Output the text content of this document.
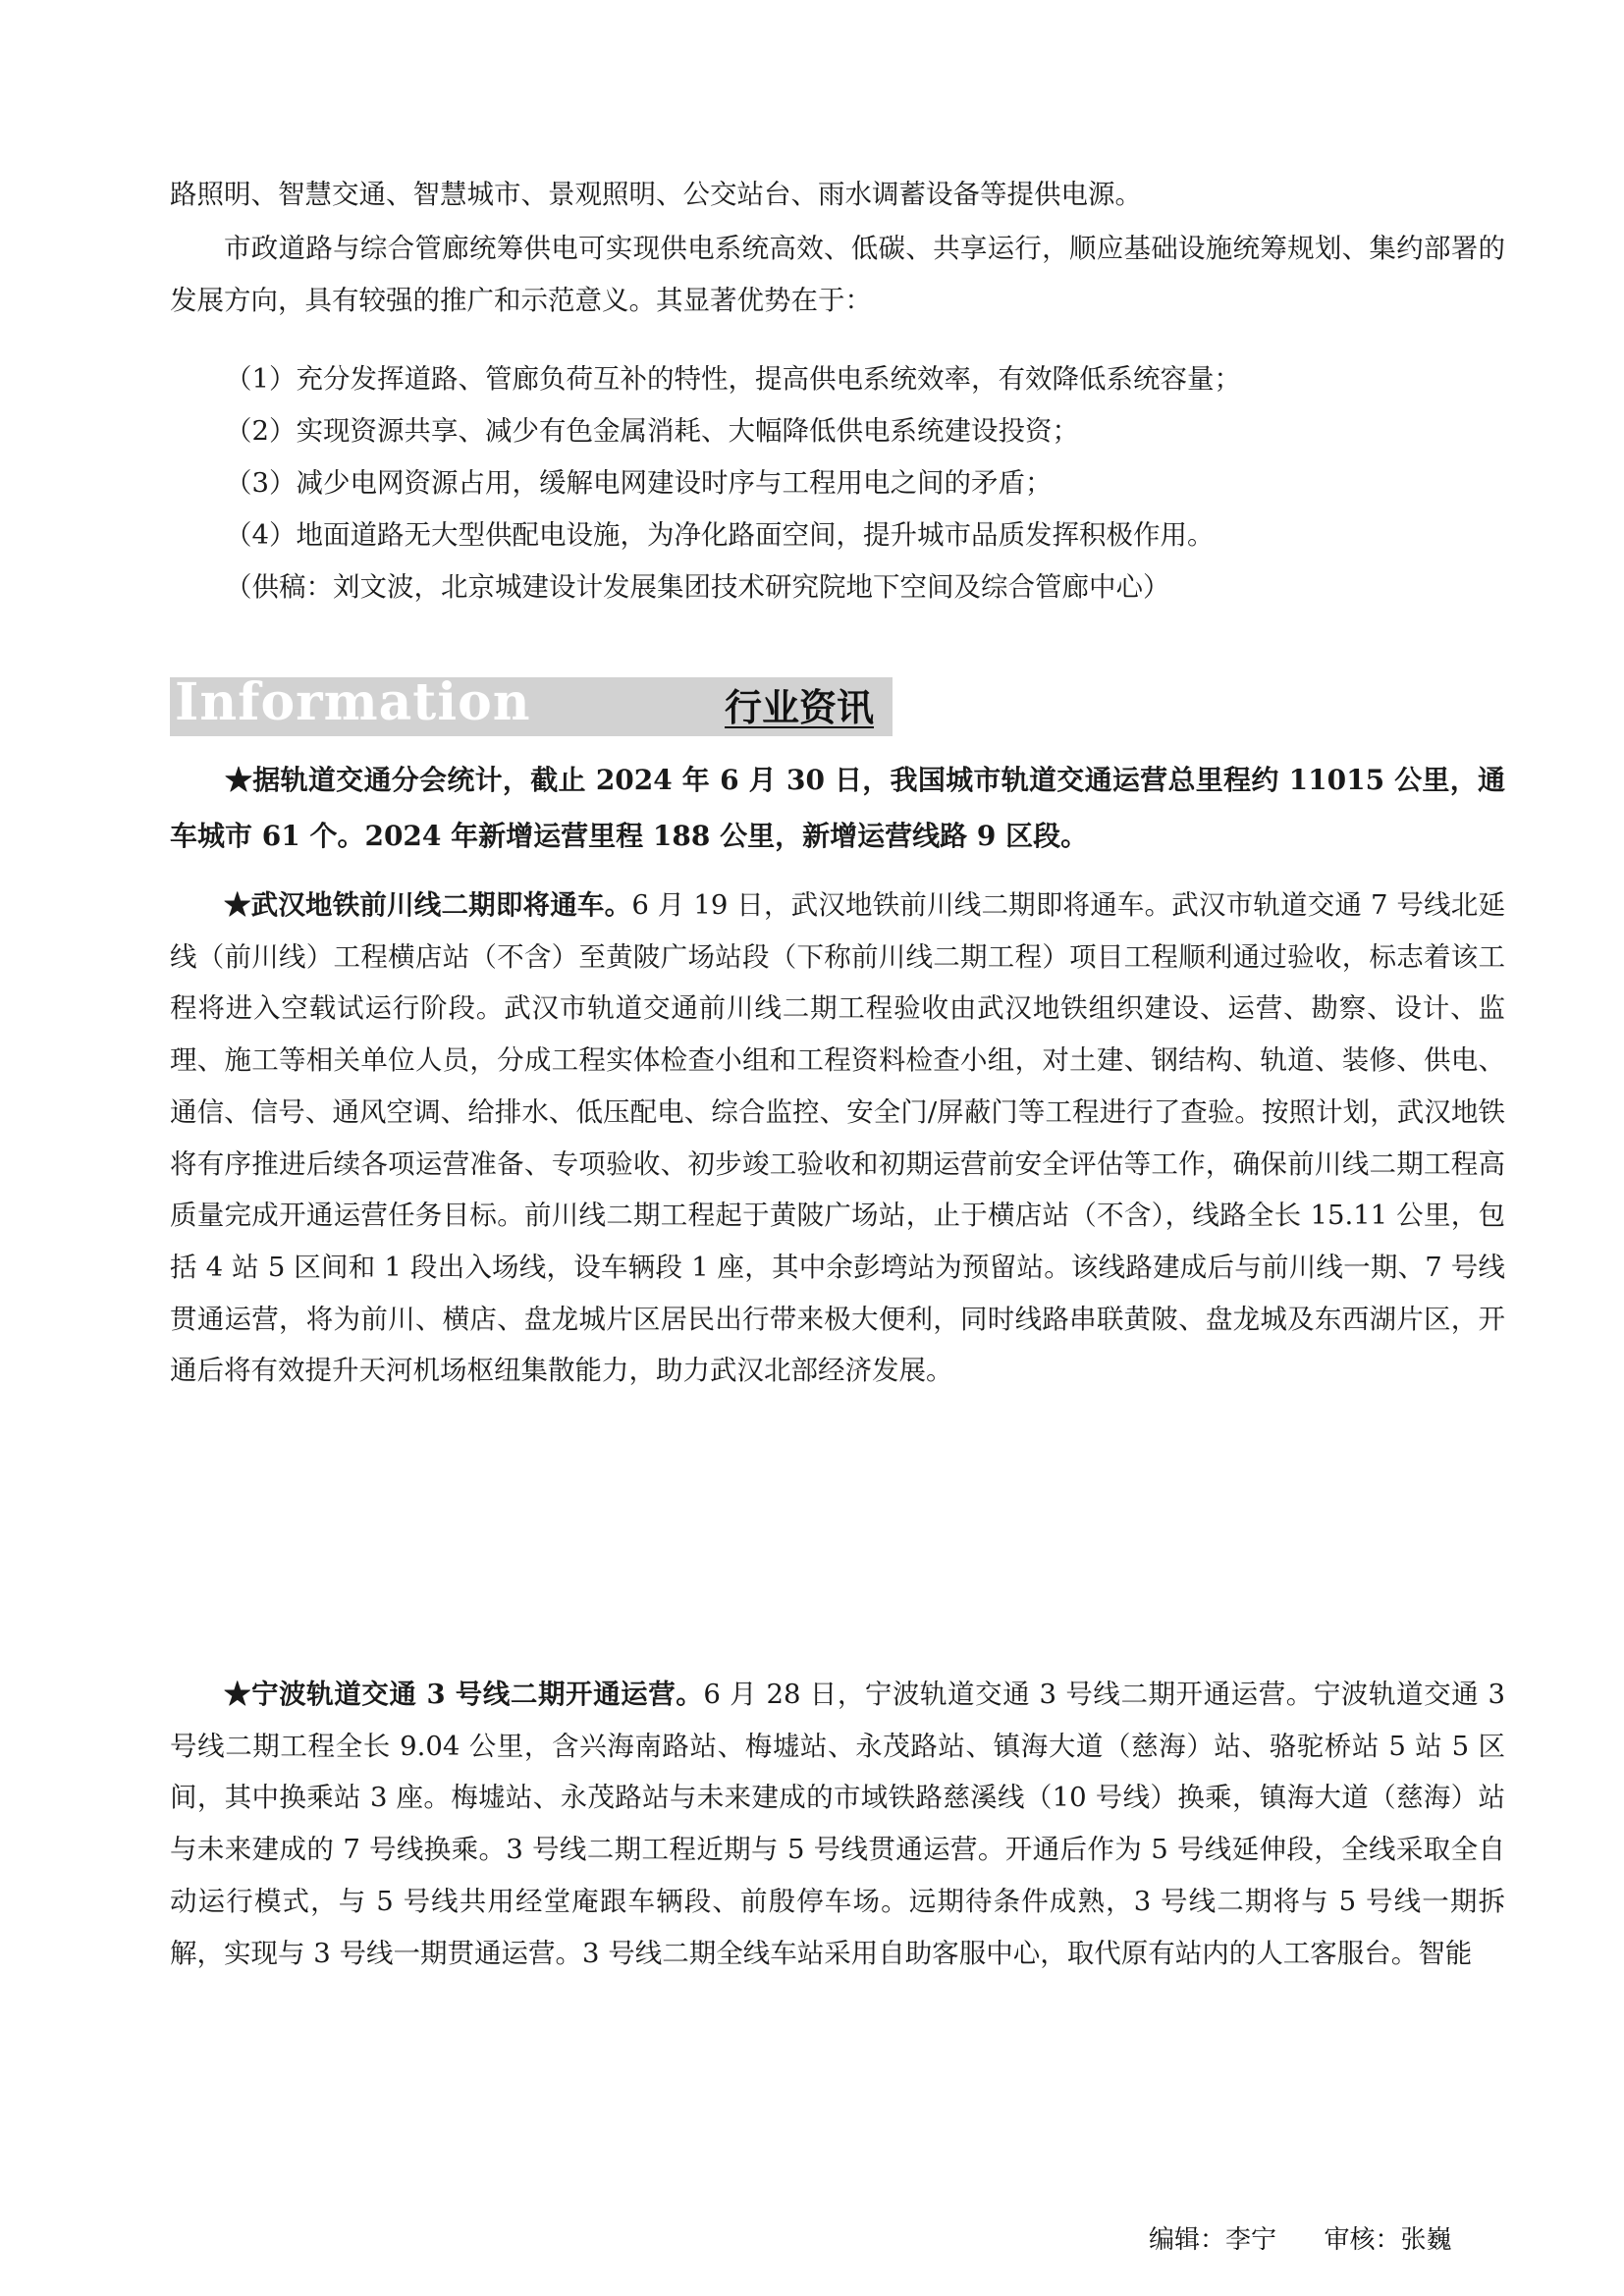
路照明、智慧交通、智慧城市、景观照明、公交站台、雨水调蓄设备等提供电源。

市政道路与综合管廊统筹供电可实现供电系统高效、低碳、共享运行，顺应基础设施统筹规划、集约部署的发展方向，具有较强的推广和示范意义。其显著优势在于：

（1）充分发挥道路、管廊负荷互补的特性，提高供电系统效率，有效降低系统容量；

（2）实现资源共享、减少有色金属消耗、大幅降低供电系统建设投资；

（3）减少电网资源占用，缓解电网建设时序与工程用电之间的矛盾；

（4）地面道路无大型供配电设施，为净化路面空间，提升城市品质发挥积极作用。

（供稿：刘文波，北京城建设计发展集团技术研究院地下空间及综合管廊中心）

Information	行业资讯

★据轨道交通分会统计，截止 2024 年 6 月 30 日，我国城市轨道交通运营总里程约 11015 公里，通车城市 61 个。2024 年新增运营里程 188 公里，新增运营线路 9 区段。

★武汉地铁前川线二期即将通车。6 月 19 日，武汉地铁前川线二期即将通车。武汉市轨道交通 7 号线北延线（前川线）工程横店站（不含）至黄陂广场站段（下称前川线二期工程）项目工程顺利通过验收，标志着该工程将进入空载试运行阶段。武汉市轨道交通前川线二期工程验收由武汉地铁组织建设、运营、勘察、设计、监理、施工等相关单位人员，分成工程实体检查小组和工程资料检查小组，对土建、钢结构、轨道、装修、供电、通信、信号、通风空调、给排水、低压配电、综合监控、安全门/屏蔽门等工程进行了查验。按照计划，武汉地铁将有序推进后续各项运营准备、专项验收、初步竣工验收和初期运营前安全评估等工作，确保前川线二期工程高质量完成开通运营任务目标。前川线二期工程起于黄陂广场站，止于横店站（不含），线路全长 15.11 公里，包括 4 站 5 区间和 1 段出入场线，设车辆段 1 座，其中余彭塆站为预留站。该线路建成后与前川线一期、7 号线贯通运营，将为前川、横店、盘龙城片区居民出行带来极大便利，同时线路串联黄陂、盘龙城及东西湖片区，开通后将有效提升天河机场枢纽集散能力，助力武汉北部经济发展。

★宁波轨道交通 3 号线二期开通运营。6 月 28 日，宁波轨道交通 3 号线二期开通运营。宁波轨道交通 3 号线二期工程全长 9.04 公里，含兴海南路站、梅墟站、永茂路站、镇海大道（慈海）站、骆驼桥站 5 站 5 区间，其中换乘站 3 座。梅墟站、永茂路站与未来建成的市域铁路慈溪线（10 号线）换乘，镇海大道（慈海）站与未来建成的 7 号线换乘。3 号线二期工程近期与 5 号线贯通运营。开通后作为 5 号线延伸段，全线采取全自动运行模式，与 5 号线共用经堂庵跟车辆段、前殷停车场。远期待条件成熟，3 号线二期将与 5 号线一期拆解，实现与 3 号线一期贯通运营。3 号线二期全线车站采用自助客服中心，取代原有站内的人工客服台。智能

编辑：李宁 审核：张巍
